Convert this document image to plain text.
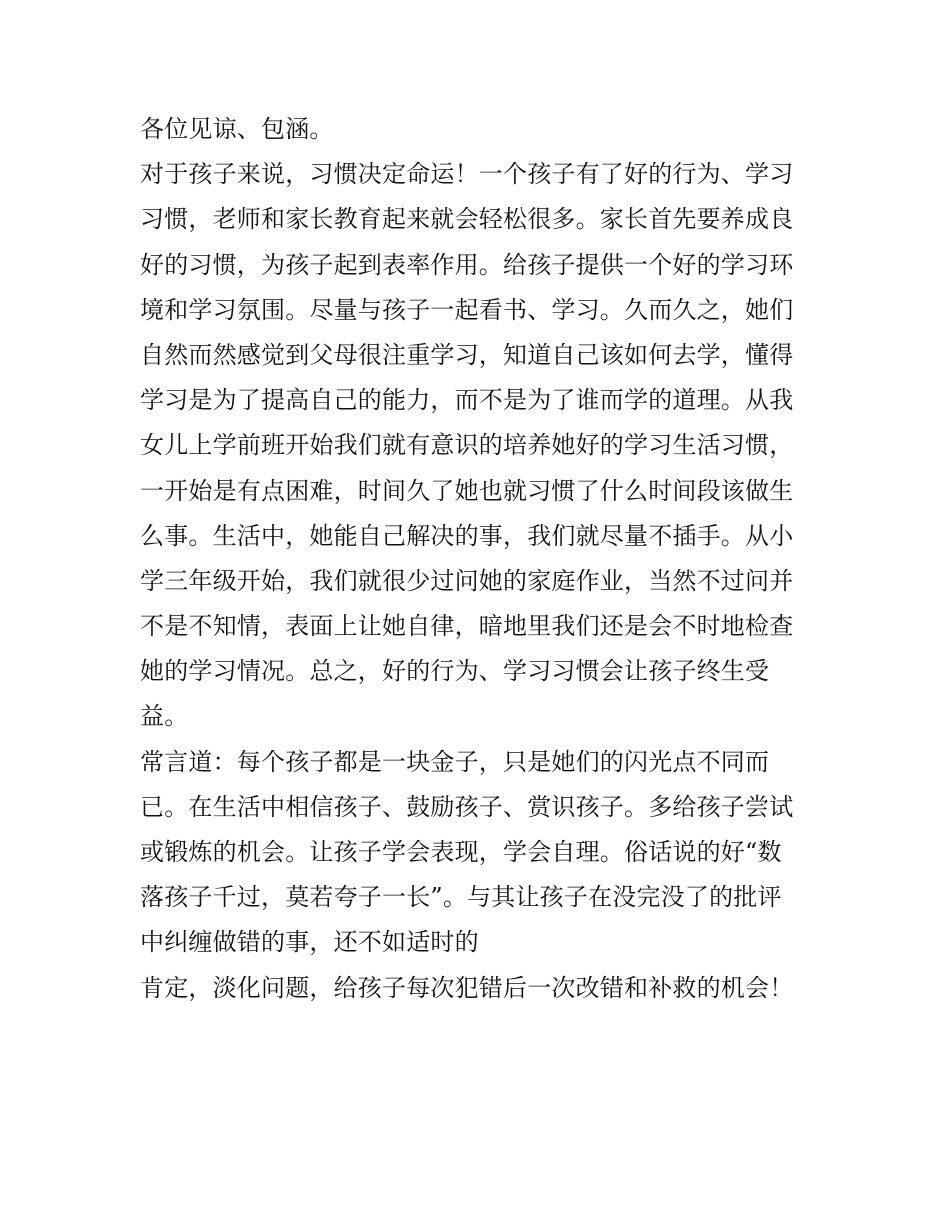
各位见谅、包涵。
对于孩子来说，习惯决定命运！一个孩子有了好的行为、学习
习惯，老师和家长教育起来就会轻松很多。家长首先要养成良
好的习惯，为孩子起到表率作用。给孩子提供一个好的学习环
境和学习氛围。尽量与孩子一起看书、学习。久而久之，她们
自然而然感觉到父母很注重学习，知道自己该如何去学，懂得
学习是为了提高自己的能力，而不是为了谁而学的道理。从我
女儿上学前班开始我们就有意识的培养她好的学习生活习惯，
一开始是有点困难，时间久了她也就习惯了什么时间段该做生
么事。生活中，她能自己解决的事，我们就尽量不插手。从小
学三年级开始，我们就很少过问她的家庭作业，当然不过问并
不是不知情，表面上让她自律，暗地里我们还是会不时地检查
她的学习情况。总之，好的行为、学习习惯会让孩子终生受
益。
常言道：每个孩子都是一块金子，只是她们的闪光点不同而
已。在生活中相信孩子、鼓励孩子、赏识孩子。多给孩子尝试
或锻炼的机会。让孩子学会表现，学会自理。俗话说的好“数
落孩子千过，莫若夸子一长”。与其让孩子在没完没了的批评
中纠缠做错的事，还不如适时的
肯定，淡化问题，给孩子每次犯错后一次改错和补救的机会！
